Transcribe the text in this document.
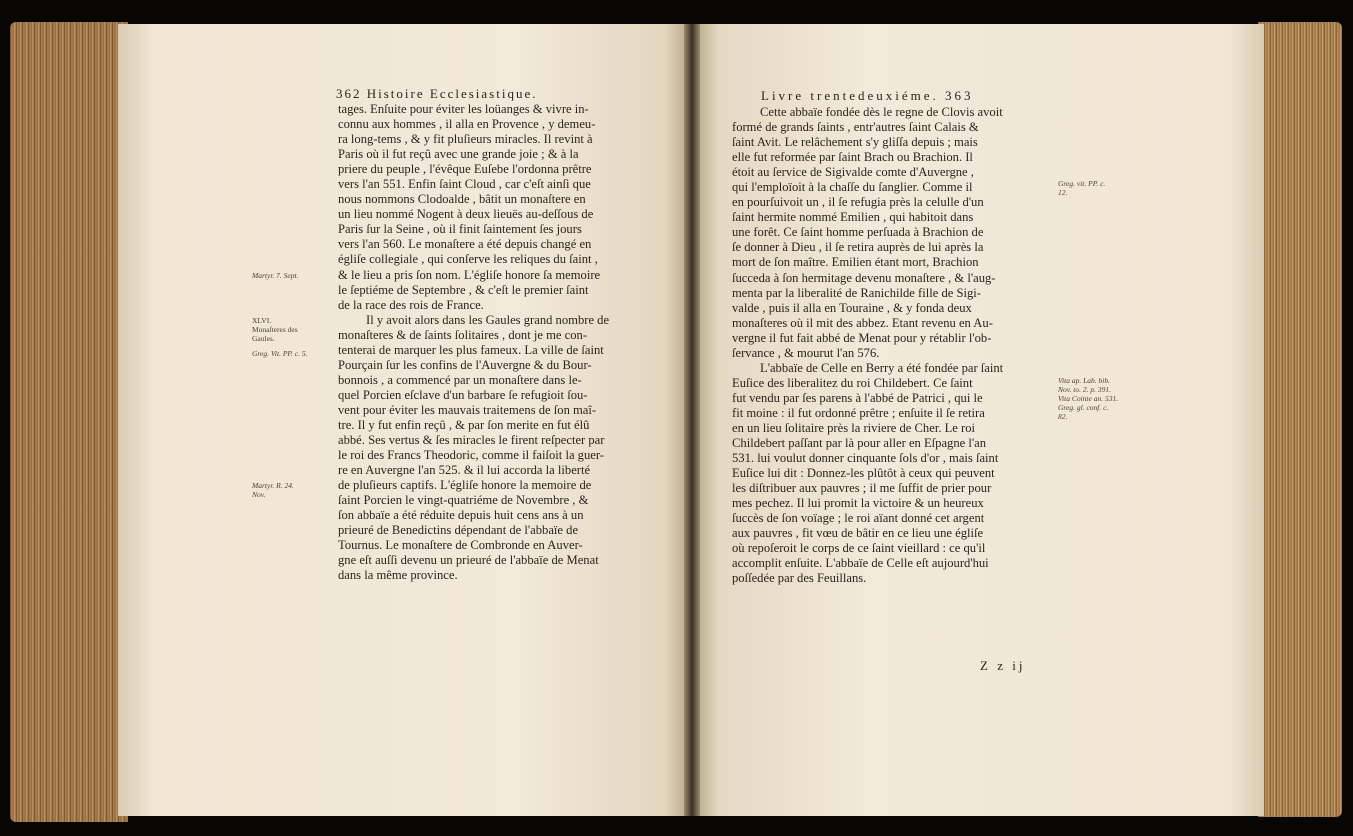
362 Histoire Ecclesiastique.
tages. Enſuite pour éviter les loüanges & vivre in-
connu aux hommes , il alla en Provence , y demeu-
ra long-tems , & y fit pluſieurs miracles. Il revint à
Paris où il fut reçû avec une grande joie ; & à la
priere du peuple , l'évêque Euſebe l'ordonna prêtre
vers l'an 551. Enfin ſaint Cloud , car c'eſt ainſi que
nous nommons Clodoalde , bâtit un monaſtere en
un lieu nommé Nogent à deux lieuës au-deſſous de
Paris ſur la Seine , où il finit ſaintement ſes jours
vers l'an 560. Le monaſtere a été depuis changé en
égliſe collegiale , qui conſerve les reliques du ſaint ,
& le lieu a pris ſon nom. L'égliſe honore ſa memoire
le ſeptiéme de Septembre , & c'eſt le premier ſaint
de la race des rois de France.
Il y avoit alors dans les Gaules grand nombre de
monaſteres & de ſaints ſolitaires , dont je me con-
tenterai de marquer les plus fameux. La ville de ſaint
Pourçain ſur les confins de l'Auvergne & du Bour-
bonnois , a commencé par un monaſtere dans le-
quel Porcien eſclave d'un barbare ſe refugioit ſou-
vent pour éviter les mauvais traitemens de ſon maî-
tre. Il y fut enfin reçû , & par ſon merite en fut élû
abbé. Ses vertus & ſes miracles le firent reſpecter par
le roi des Francs Theodoric, comme il faiſoit la guer-
re en Auvergne l'an 525. & il lui accorda la liberté
de pluſieurs captifs. L'égliſe honore la memoire de
ſaint Porcien le vingt-quatriéme de Novembre , &
ſon abbaïe a été réduite depuis huit cens ans à un
prieuré de Benedictins dépendant de l'abbaïe de
Tournus. Le monaſtere de Combronde en Auver-
gne eſt auſſi devenu un prieuré de l'abbaïe de Menat
dans la même province.
Martyr. 7. Sept.
XLVI.
Monaſteres des
Gaules.
Greg. Vit. PP. c. 5.
Martyr. R. 24.
Nov.
Livre trentedeuxiéme. 363
Cette abbaïe fondée dès le regne de Clovis avoit
formé de grands ſaints , entr'autres ſaint Calais &
ſaint Avit. Le relâchement s'y gliſſa depuis ; mais
elle fut reformée par ſaint Brach ou Brachion. Il
étoit au ſervice de Sigivalde comte d'Auvergne ,
qui l'emploïoit à la chaſſe du ſanglier. Comme il
en pourſuivoit un , il ſe refugia près la celulle d'un
ſaint hermite nommé Emilien , qui habitoit dans
une forêt. Ce ſaint homme perſuada à Brachion de
ſe donner à Dieu , il ſe retira auprès de lui après la
mort de ſon maître. Emilien étant mort, Brachion
ſucceda à ſon hermitage devenu monaſtere , & l'aug-
menta par la liberalité de Ranichilde fille de Sigi-
valde , puis il alla en Touraine , & y fonda deux
monaſteres où il mit des abbez. Etant revenu en Au-
vergne il fut fait abbé de Menat pour y rétablir l'ob-
ſervance , & mourut l'an 576.
L'abbaïe de Celle en Berry a été fondée par ſaint
Euſice des liberalitez du roi Childebert. Ce ſaint
fut vendu par ſes parens à l'abbé de Patrici , qui le
fit moine : il fut ordonné prêtre ; enſuite il ſe retira
en un lieu ſolitaire près la riviere de Cher. Le roi
Childebert paſſant par là pour aller en Eſpagne l'an
531. lui voulut donner cinquante ſols d'or , mais ſaint
Euſice lui dit : Donnez-les plûtôt à ceux qui peuvent
les diſtribuer aux pauvres ; il me ſuffit de prier pour
mes pechez. Il lui promit la victoire & un heureux
ſuccès de ſon voïage ; le roi aïant donné cet argent
aux pauvres , fit vœu de bâtir en ce lieu une égliſe
où repoſeroit le corps de ce ſaint vieillard : ce qu'il
accomplit enſuite. L'abbaïe de Celle eſt aujourd'hui
poſſedée par des Feuillans.
Greg. vit. PP. c.
12.
Vita ap. Lab. bib.
Nov. to. 2. p. 391.
Vita Cointe an. 531.
Greg. gl. conf. c.
82.
Z z ij
